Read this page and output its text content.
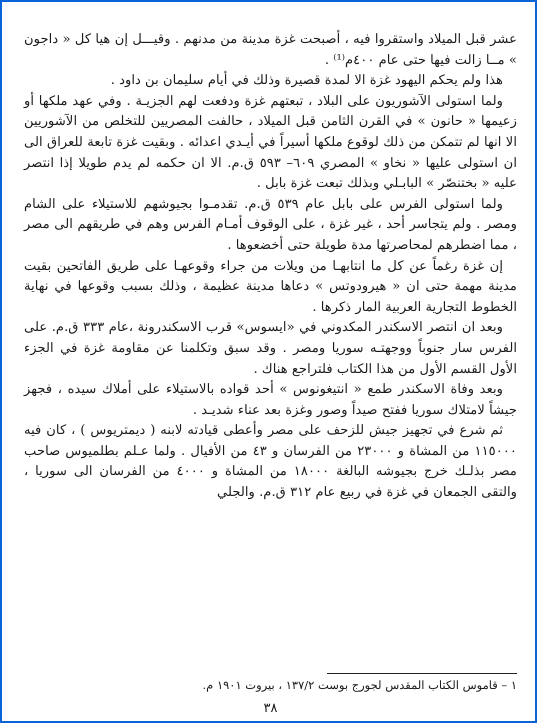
عشر قبل الميلاد واستقروا فيه ، أصبحت غزة مدينة من مدنهم . وقيـــل إن هيا كل « داجون » مــا زالت فيها حتى عام ٤٠٠م⁽¹⁾ .

هذا ولم يحكم اليهود غزة الا لمدة قصيرة وذلك في أيام سليمان بن داود .

ولما استولى الآشوريون على البلاد ، تبعتهم غزة ودفعت لهم الجزيـة . وفي عهد ملكها أو زعيمها « حانون » في القرن الثامن قبل الميلاد ، حالفت المصريين للتخلص من الآشوريين الا انها لم تتمكن من ذلك لوقوع ملكها أسيراً في أيـدي اعدائه . وبقيت غزة تابعة للعراق الى ان استولى عليها « نخاو » المصري ٦٠٩– ٥٩٣ ق.م. الا ان حكمه لم يدم طويلا إذا انتصر عليه « بختنصّر » البابـلي وبذلك تبعت غزة بابل .

ولما استولى الفرس على بابل عام ٥٣٩ ق.م. تقدمـوا بجيوشهم للاستيلاء على الشام ومصر . ولم يتجاسر أحد ، غير غزة ، على الوقوف أمـام الفرس وهم في طريقهم الى مصر ، مما اضطرهم لمحاصرتها مدة طويلة حتى أخضعوها .

إن غزة رغماً عن كل ما انتابهـا من ويلات من جراء وقوعهـا على طريق الفاتحين بقيت مدينة مهمة حتى ان « هيرودوتس » دعاها مدينة عظيمة ، وذلك بسبب وقوعها في نهاية الخطوط التجارية العربية المار ذكرها .

وبعد ان انتصر الاسكندر المكدوني في «ايسوس» قرب الاسكندرونة ،عام ٣٣٣ ق.م. على الفرس سار جنوباً ووجهتـه سوريا ومصر . وقد سبق وتكلمنا عن مقاومة غزة في الجزء الأول القسم الأول من هذا الكتاب فلتراجع هناك .

وبعد وفاة الاسكندر طمع « انتيغونوس » أحد قواده بالاستيلاء على أملاك سيده ، فجهز جيشاً لامتلاك سوريا ففتح صيداً وصور وغزة بعد عناء شديـد .

ثم شرع في تجهيز جيش للزحف على مصر وأعطى قيادته لابنه ( ديمتريوس ) ، كان فيه ١١٥٠٠٠ من المشاة و ٢٣٠٠٠ من الفرسان و ٤٣ من الأفيال . ولما عـلم بطلميوس صاحب مصر بذلـك خرج بجيوشه البالغة ١٨٠٠٠ من المشاة و ٤٠٠٠ من الفرسان الى سوريا ، والتقى الجمعان في غزة في ربيع عام ٣١٢ ق.م. والجلي

١ – قاموس الكتاب المقدس لجورج بوست ١٣٧/٢ ، بيروت ١٩٠١ م.
٣٨
